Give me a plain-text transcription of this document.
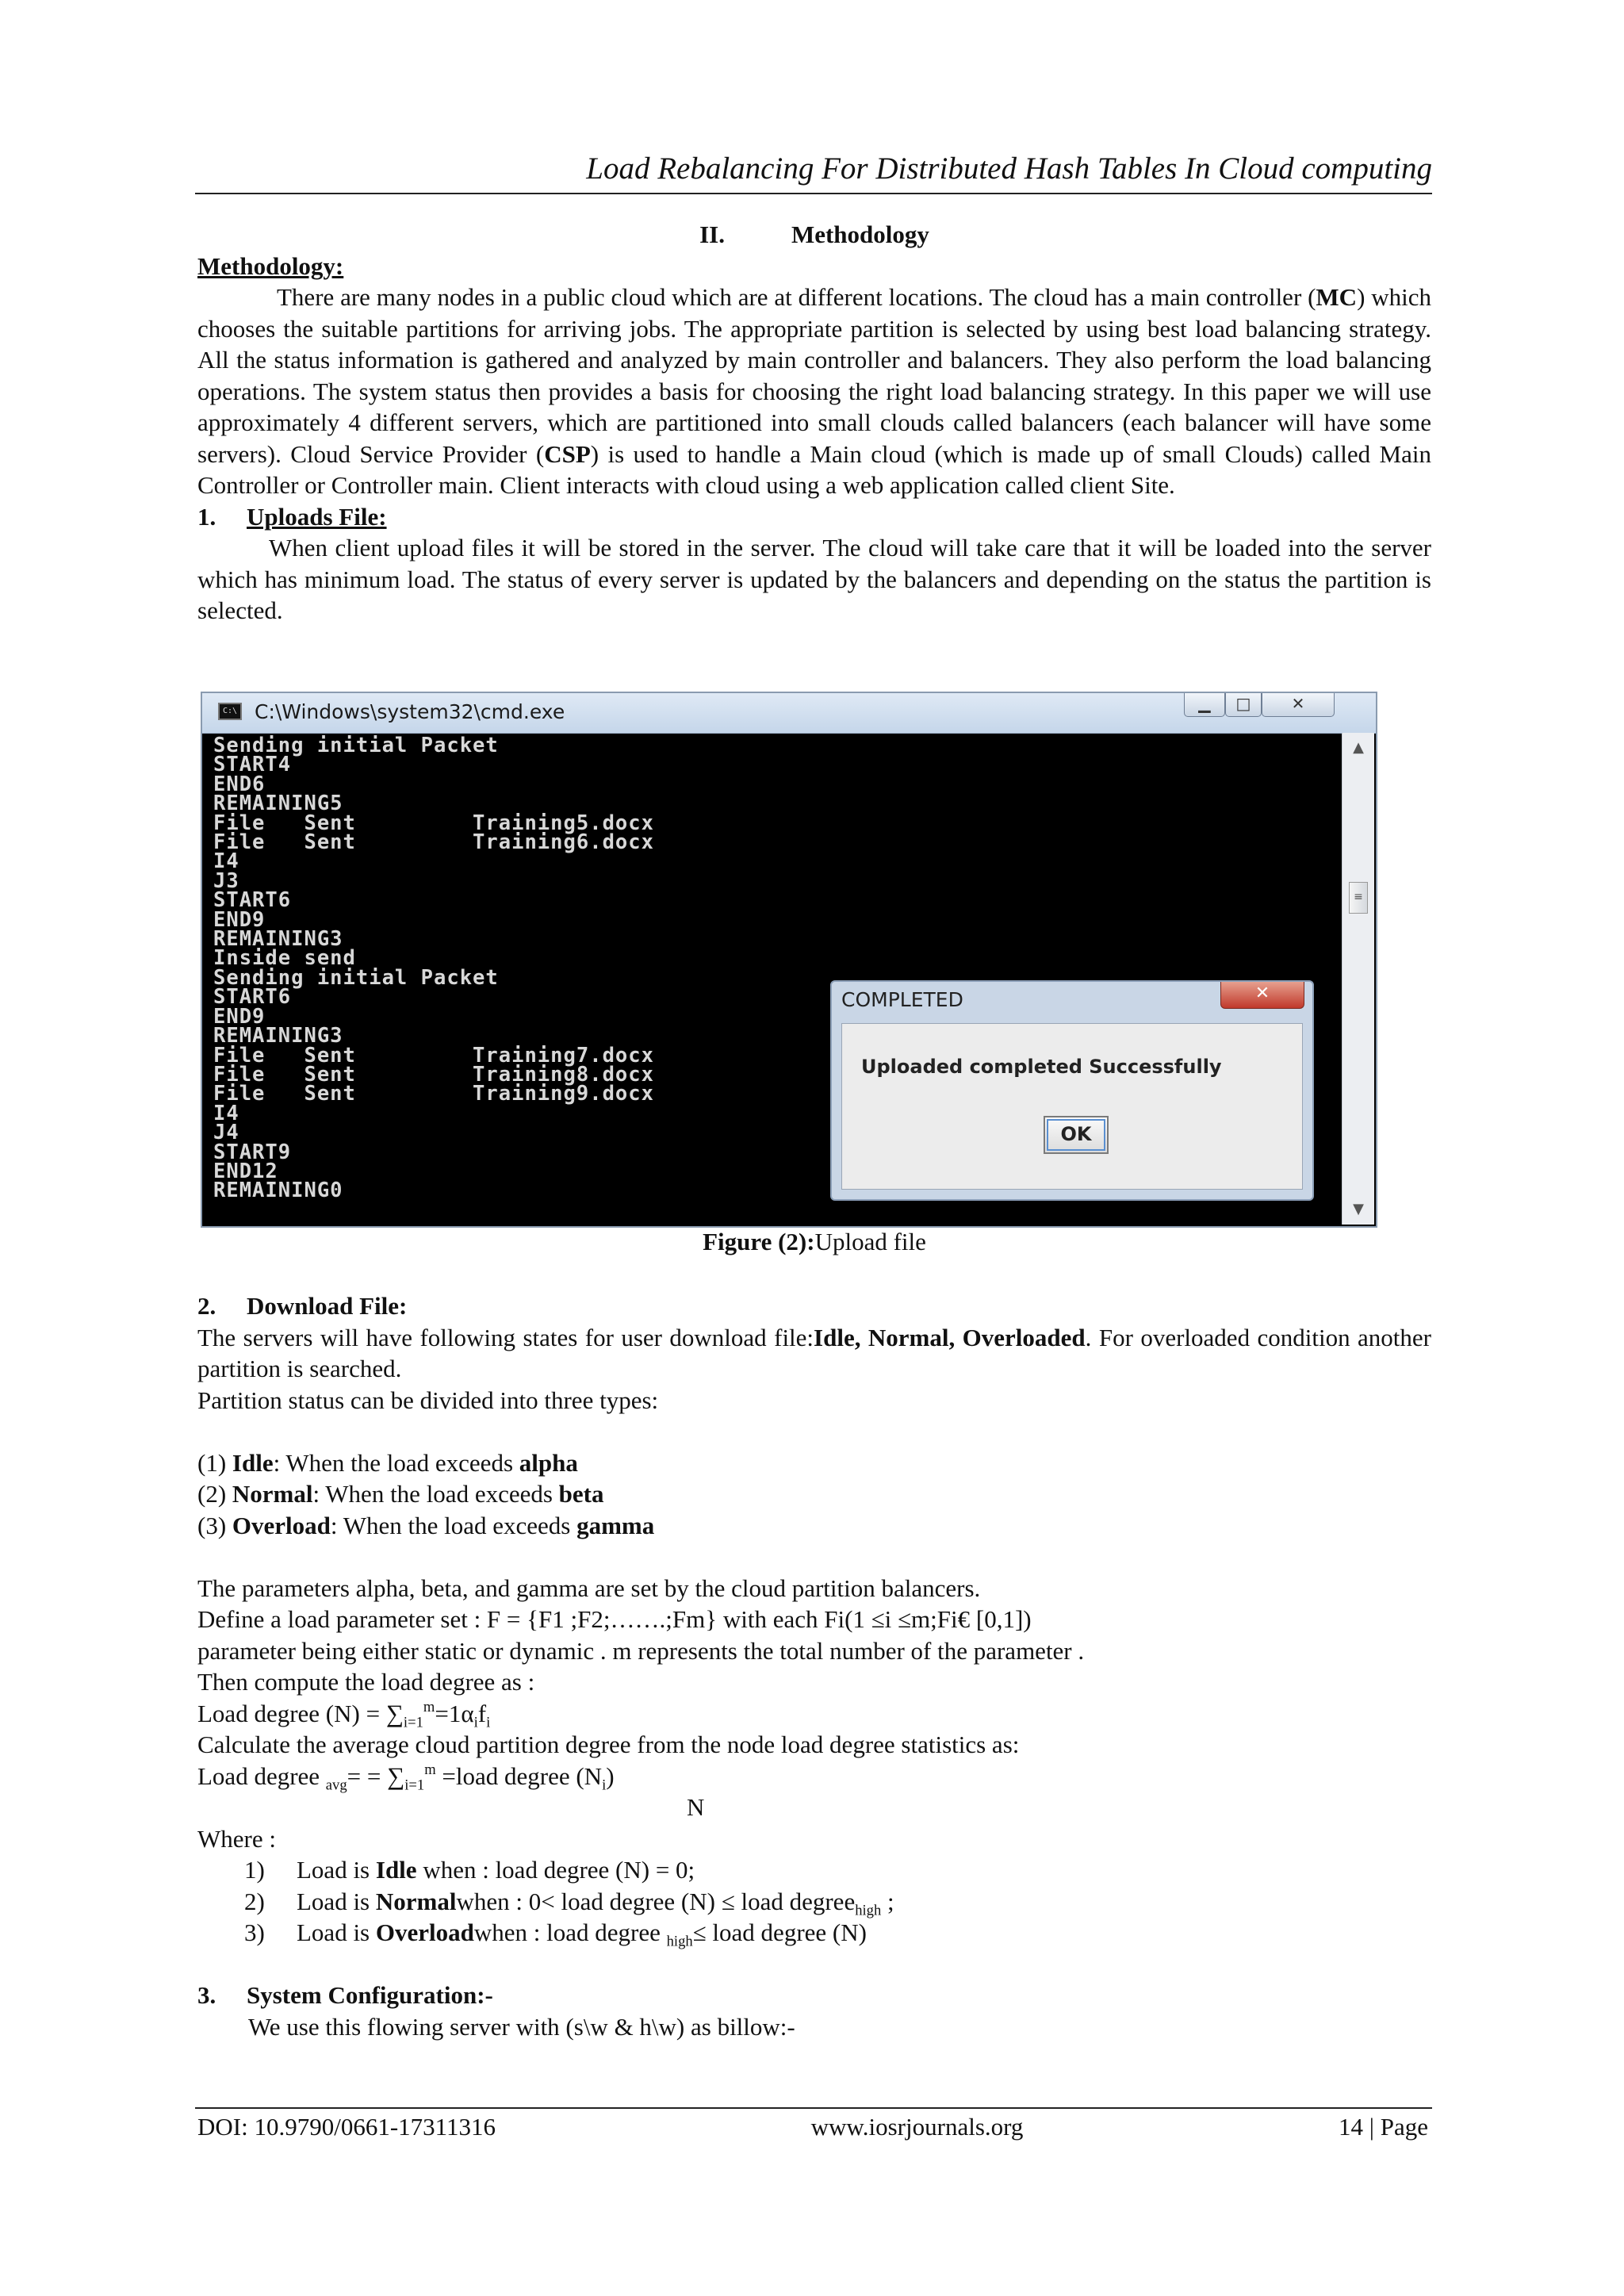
Load Rebalancing For Distributed Hash Tables In Cloud computing
II.	Methodology

Methodology:

There are many nodes in a public cloud which are at different locations. The cloud has a main controller (MC) which chooses the suitable partitions for arriving jobs. The appropriate partition is selected by using best load balancing strategy. All the status information is gathered and analyzed by main controller and balancers. They also perform the load balancing operations. The system status then provides a basis for choosing the right load balancing strategy. In this paper we will use approximately 4 different servers, which are partitioned into small clouds called balancers (each balancer will have some servers). Cloud Service Provider (CSP) is used to handle a Main cloud (which is made up of small Clouds) called Main Controller or Controller main. Client interacts with cloud using a web application called client Site.

1.	Uploads File:

When client upload files it will be stored in the server. The cloud will take care that it will be loaded into the server which has minimum load. The status of every server is updated by the balancers and depending on the status the partition is selected.

C:\ C:\Windows\system32\cmd.exe	▁	□	✕
Sending initial Packet
START4
END6
REMAINING5
File   Sent         Training5.docx
File   Sent         Training6.docx
I4
J3
START6
END9
REMAINING3
Inside send
Sending initial Packet
START6
END9
REMAINING3
File   Sent         Training7.docx
File   Sent         Training8.docx
File   Sent         Training9.docx
I4
J4
START9
END12
REMAINING0
▲
≡
▼
COMPLETED	✕
Uploaded completed Successfully
OK
Figure (2):Upload file
2.	Download File:

The servers will have following states for user download file:Idle, Normal, Overloaded. For overloaded condition another partition is searched.

Partition status can be divided into three types:

(1) Idle: When the load exceeds alpha

(2) Normal: When the load exceeds beta

(3) Overload: When the load exceeds gamma

The parameters alpha, beta, and gamma are set by the cloud partition balancers.

Define a load parameter set : F = {F1 ;F2;…….;Fm} with each Fi(1 ≤i ≤m;Fi€ [0,1])

parameter being either static or dynamic . m represents the total number of the parameter .

Then compute the load degree as :

Load degree $(N) = \sum_{i=1}^m=1\alpha_if_i$

Calculate the average cloud partition degree from the node load degree statistics as:

Load degree $_{avg}= = \sum_{i=1}^m$ =load degree $(N_i)$

N

Where :

1)	Load is Idle when : load degree (N) = 0;
2)	Load is Normalwhen : 0< load degree (N) ≤ load degree$_{high}$ ;
3)	Load is Overloadwhen : load degree $_{high}$≤ load degree (N)
3.	System Configuration:-

We use this flowing server with (s\w & h\w) as billow:-

DOI: 10.9790/0661-17311316	www.iosrjournals.org	14 | Page
